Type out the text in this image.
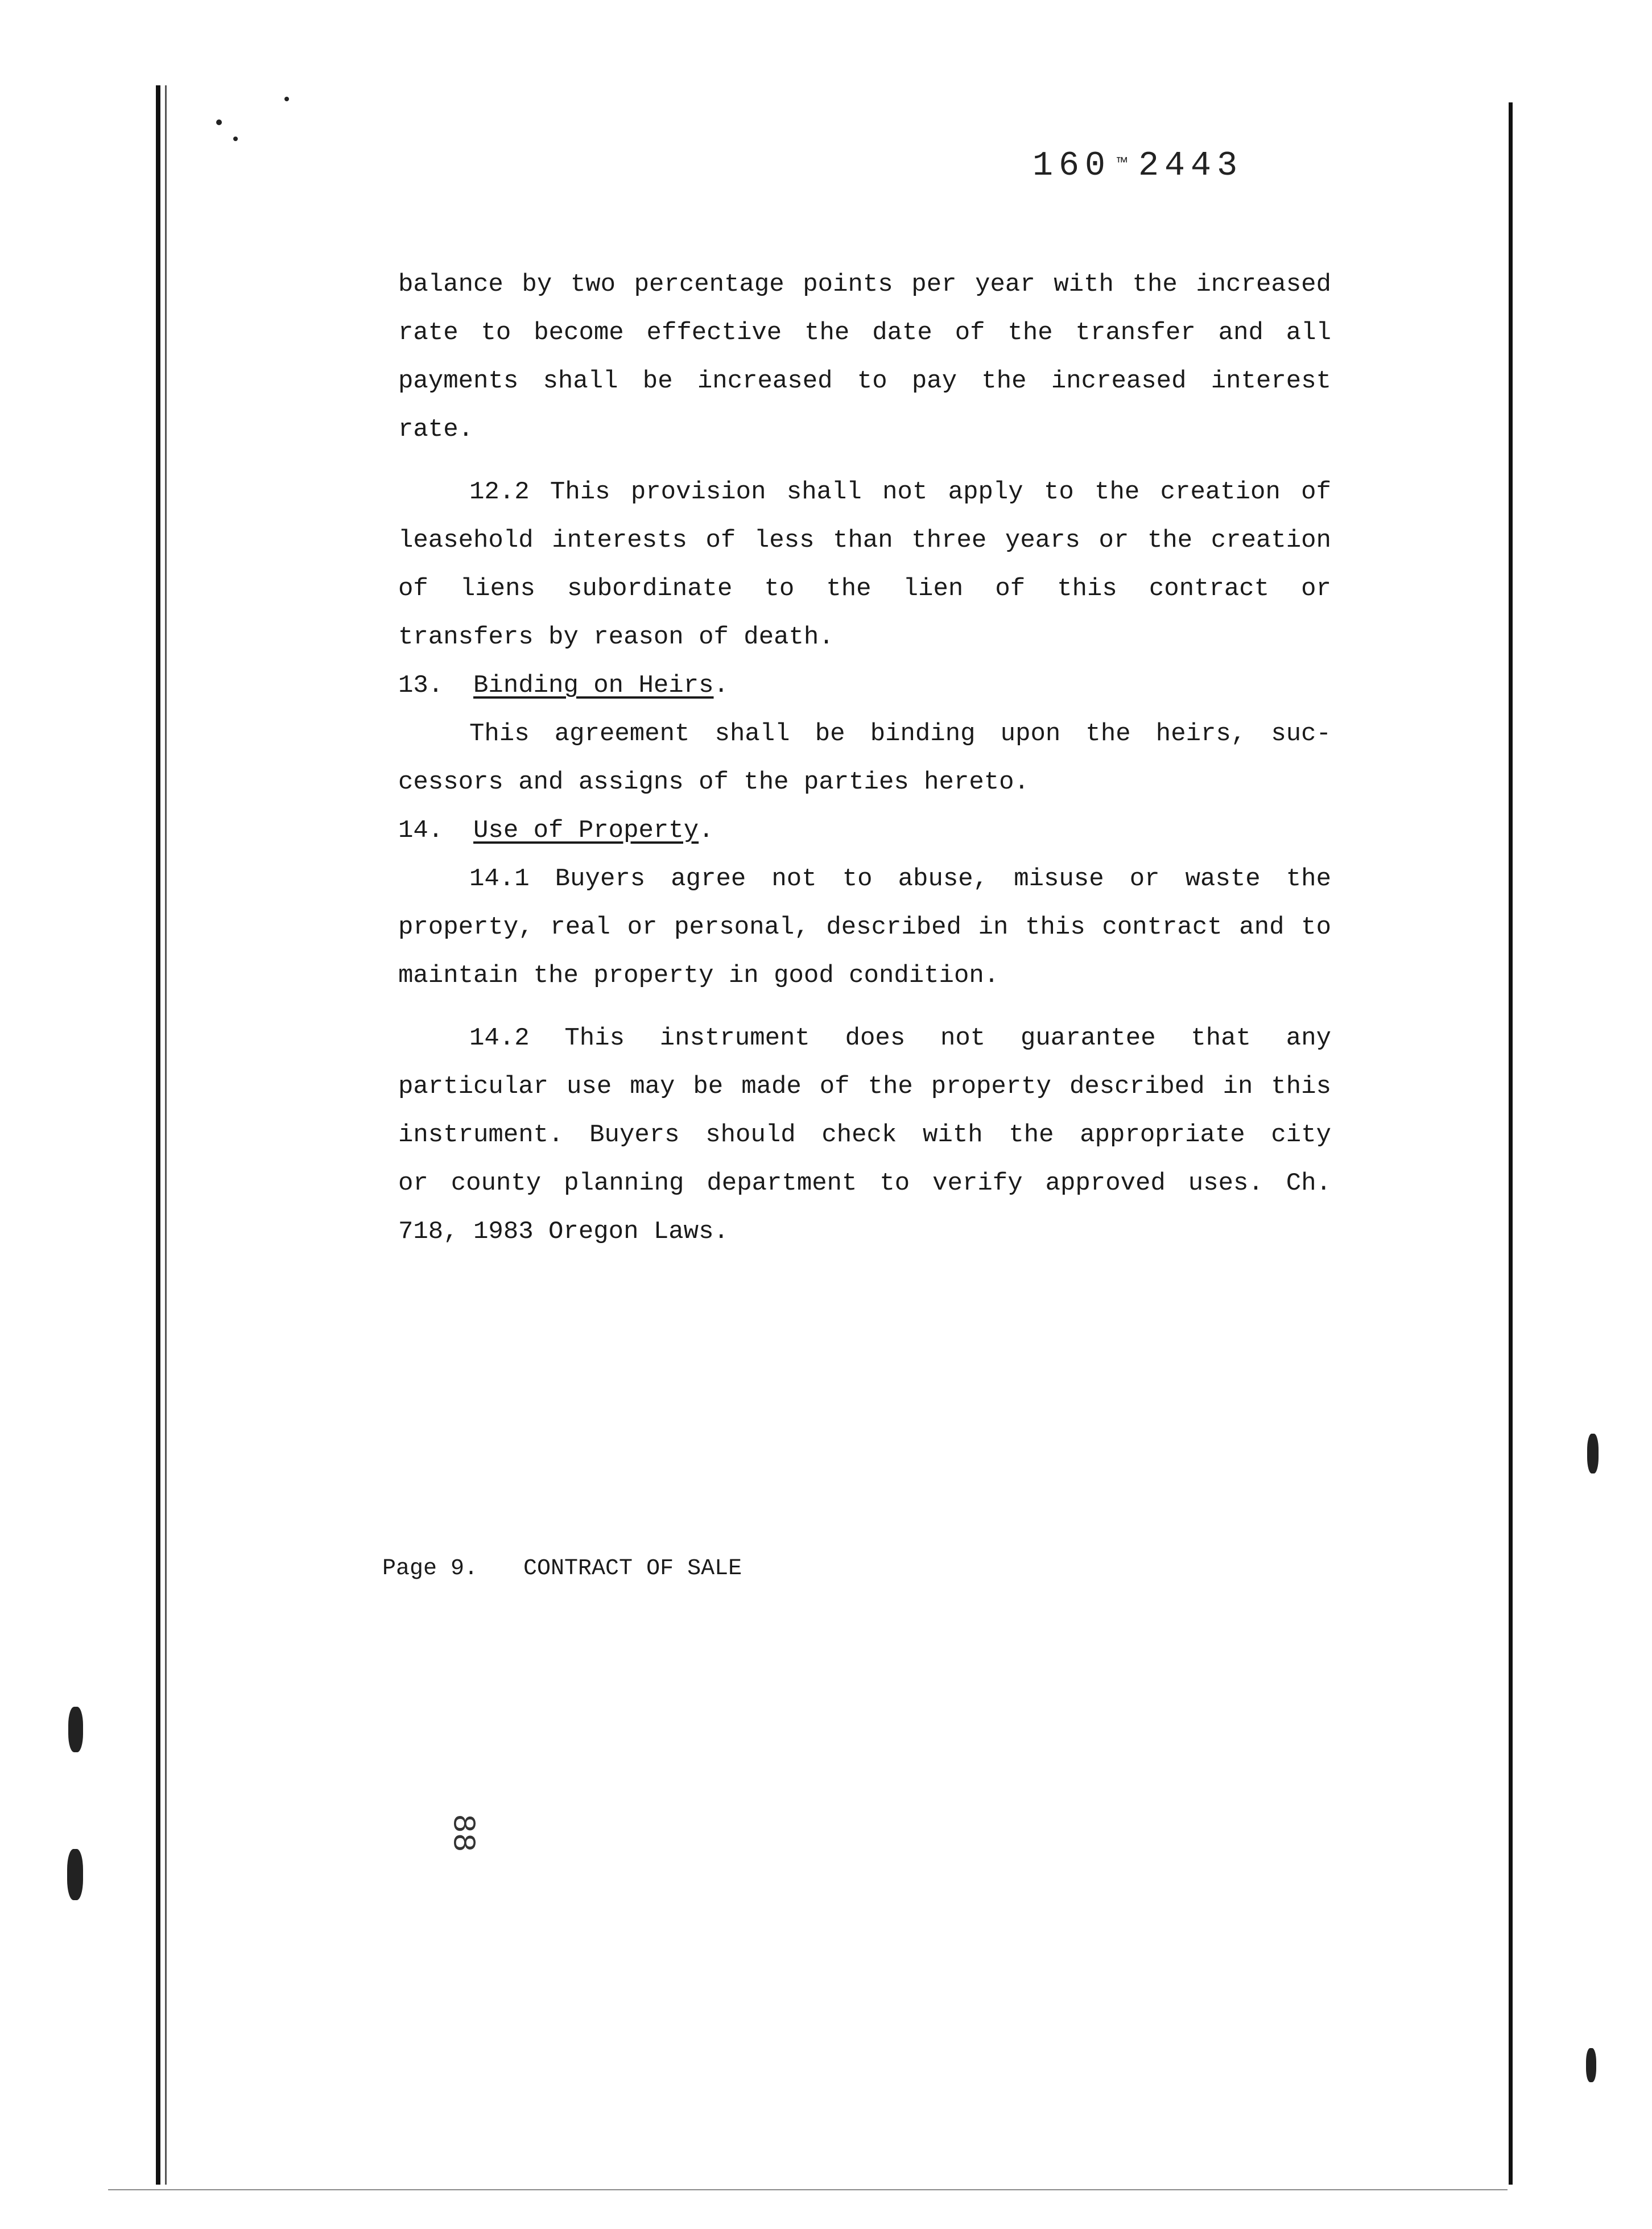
160 ™ 2443
balance by two percentage points per year with the increased
rate to become effective the date of the transfer and all
payments shall be increased to pay the increased interest
rate.
12.2 This provision shall not apply to the creation of
leasehold interests of less than three years or the creation
of liens subordinate to the lien of this contract or
transfers by reason of death.
13. Binding on Heirs.
This agreement shall be binding upon the heirs, suc-
cessors and assigns of the parties hereto.
14. Use of Property.
14.1 Buyers agree not to abuse, misuse or waste the
property, real or personal, described in this contract and to
maintain the property in good condition.
14.2 This instrument does not guarantee that any
particular use may be made of the property described in this
instrument. Buyers should check with the appropriate city
or county planning department to verify approved uses. Ch.
718, 1983 Oregon Laws.
Page 9. CONTRACT OF SALE
88
